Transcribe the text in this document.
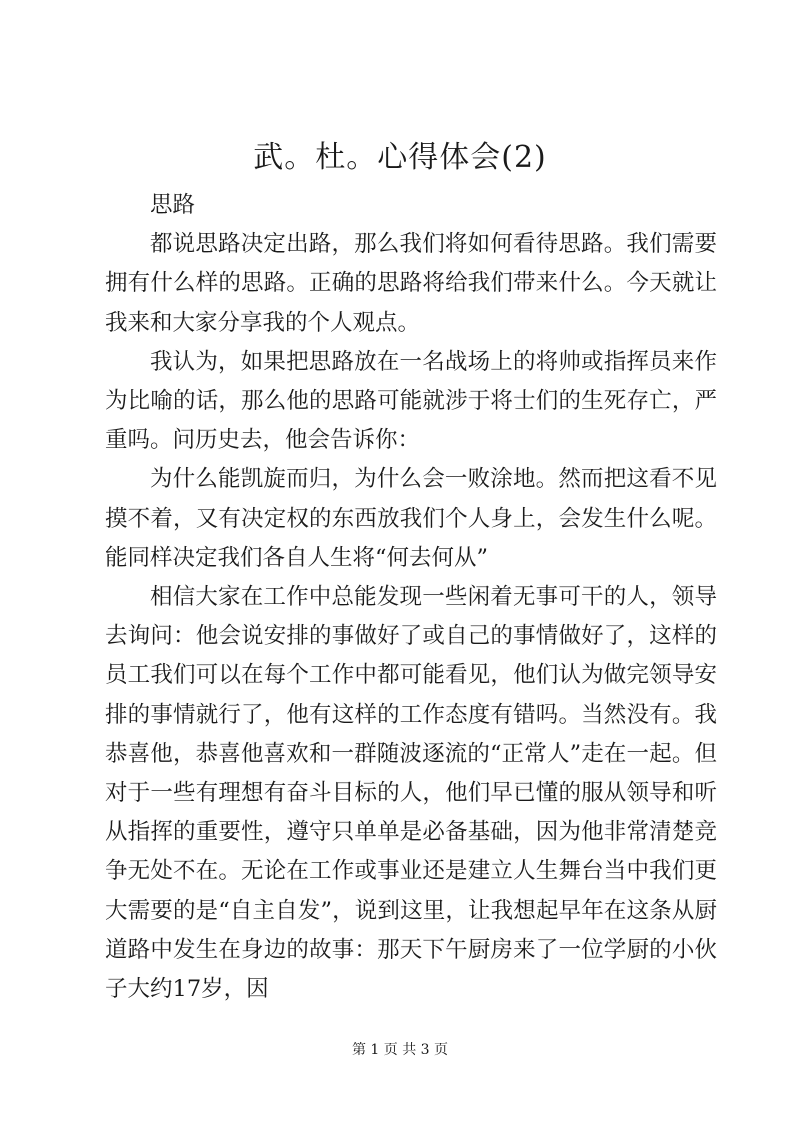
武。杜。心得体会(2)

思路

都说思路决定出路，那么我们将如何看待思路。我们需要拥有什么样的思路。正确的思路将给我们带来什么。今天就让我来和大家分享我的个人观点。

我认为，如果把思路放在一名战场上的将帅或指挥员来作为比喻的话，那么他的思路可能就涉于将士们的生死存亡，严重吗。问历史去，他会告诉你：

为什么能凯旋而归，为什么会一败涂地。然而把这看不见摸不着，又有决定权的东西放我们个人身上，会发生什么呢。能同样决定我们各自人生将“何去何从”

相信大家在工作中总能发现一些闲着无事可干的人，领导去询问：他会说安排的事做好了或自己的事情做好了，这样的员工我们可以在每个工作中都可能看见，他们认为做完领导安排的事情就行了，他有这样的工作态度有错吗。当然没有。我恭喜他，恭喜他喜欢和一群随波逐流的“正常人”走在一起。但对于一些有理想有奋斗目标的人，他们早已懂的服从领导和听从指挥的重要性，遵守只单单是必备基础，因为他非常清楚竞争无处不在。无论在工作或事业还是建立人生舞台当中我们更大需要的是“自主自发”，说到这里，让我想起早年在这条从厨道路中发生在身边的故事：那天下午厨房来了一位学厨的小伙子大约17岁，因

第 1 页 共 3 页
